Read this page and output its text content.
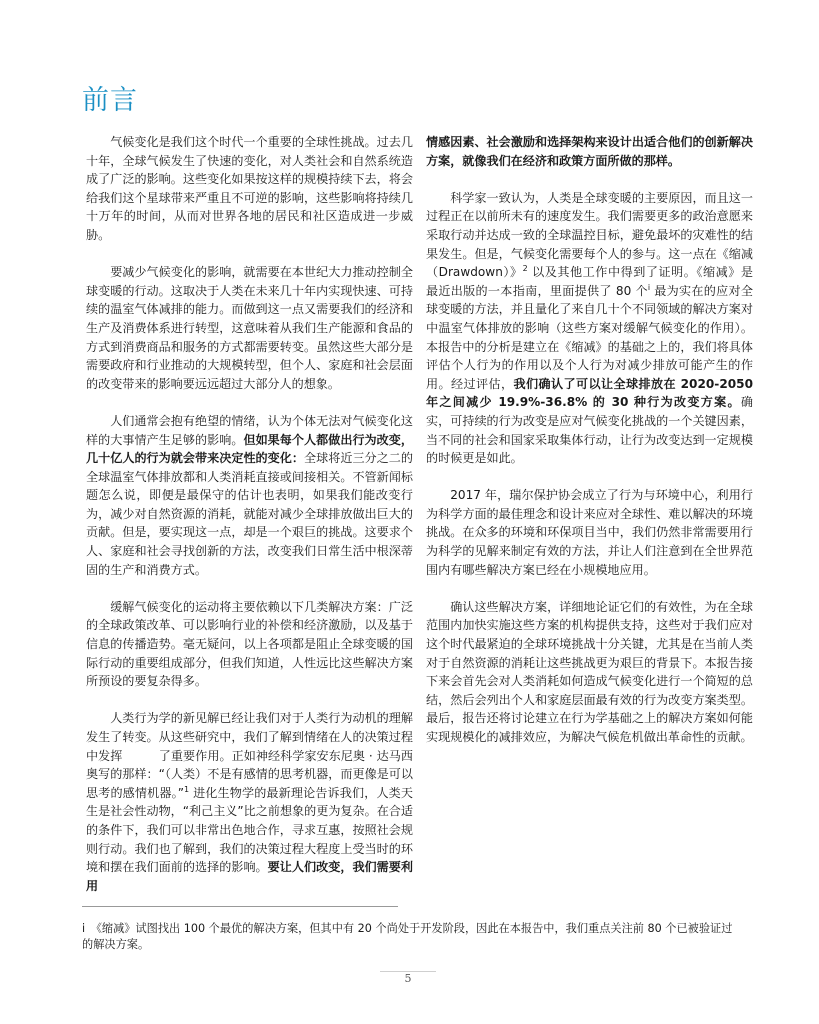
前言

气候变化是我们这个时代一个重要的全球性挑战。过去几十年，全球气候发生了快速的变化，对人类社会和自然系统造成了广泛的影响。这些变化如果按这样的规模持续下去，将会给我们这个星球带来严重且不可逆的影响，这些影响将持续几十万年的时间，从而对世界各地的居民和社区造成进一步威胁。

要减少气候变化的影响，就需要在本世纪大力推动控制全球变暖的行动。这取决于人类在未来几十年内实现快速、可持续的温室气体减排的能力。而做到这一点又需要我们的经济和生产及消费体系进行转型，这意味着从我们生产能源和食品的方式到消费商品和服务的方式都需要转变。虽然这些大部分是需要政府和行业推动的大规模转型，但个人、家庭和社会层面的改变带来的影响要远远超过大部分人的想象。

人们通常会抱有绝望的情绪，认为个体无法对气候变化这样的大事情产生足够的影响。但如果每个人都做出行为改变，几十亿人的行为就会带来决定性的变化：全球将近三分之二的全球温室气体排放都和人类消耗直接或间接相关。不管新闻标题怎么说，即便是最保守的估计也表明，如果我们能改变行为，减少对自然资源的消耗，就能对减少全球排放做出巨大的贡献。但是，要实现这一点，却是一个艰巨的挑战。这要求个人、家庭和社会寻找创新的方法，改变我们日常生活中根深蒂固的生产和消费方式。

缓解气候变化的运动将主要依赖以下几类解决方案：广泛的全球政策改革、可以影响行业的补偿和经济激励，以及基于信息的传播造势。毫无疑问，以上各项都是阻止全球变暖的国际行动的重要组成部分，但我们知道，人性远比这些解决方案所预设的要复杂得多。

人类行为学的新见解已经让我们对于人类行为动机的理解发生了转变。从这些研究中，我们了解到情绪在人的决策过程中发挥　　　了重要作用。正如神经科学家安东尼奥 · 达马西奥写的那样：“（人类）不是有感情的思考机器，而更像是可以思考的感情机器。”$^1$ 进化生物学的最新理论告诉我们，人类天生是社会性动物，“利己主义”比之前想象的更为复杂。在合适的条件下，我们可以非常出色地合作，寻求互惠，按照社会规则行动。我们也了解到，我们的决策过程大程度上受当时的环境和摆在我们面前的选择的影响。要让人们改变，我们需要利用

情感因素、社会激励和选择架构来设计出适合他们的创新解决方案，就像我们在经济和政策方面所做的那样。

科学家一致认为，人类是全球变暖的主要原因，而且这一过程正在以前所未有的速度发生。我们需要更多的政治意愿来采取行动并达成一致的全球温控目标，避免最坏的灾难性的结果发生。但是，气候变化需要每个人的参与。这一点在《缩减（Drawdown）》$^2$ 以及其他工作中得到了证明。《缩减》是最近出版的一本指南，里面提供了 80 个$^i$ 最为实在的应对全球变暖的方法，并且量化了来自几十个不同领域的解决方案对中温室气体排放的影响（这些方案对缓解气候变化的作用）。本报告中的分析是建立在《缩减》的基础之上的，我们将具体评估个人行为的作用以及个人行为对减少排放可能产生的作用。经过评估，我们确认了可以让全球排放在 2020-2050 年之间减少 19.9%-36.8% 的 30 种行为改变方案。确实，可持续的行为改变是应对气候变化挑战的一个关键因素，当不同的社会和国家采取集体行动，让行为改变达到一定规模的时候更是如此。

2017 年，瑞尔保护协会成立了行为与环境中心，利用行为科学方面的最佳理念和设计来应对全球性、难以解决的环境挑战。在众多的环境和环保项目当中，我们仍然非常需要用行为科学的见解来制定有效的方法，并让人们注意到在全世界范围内有哪些解决方案已经在小规模地应用。

确认这些解决方案，详细地论证它们的有效性，为在全球范围内加快实施这些方案的机构提供支持，这些对于我们应对这个时代最紧迫的全球环境挑战十分关键，尤其是在当前人类对于自然资源的消耗让这些挑战更为艰巨的背景下。本报告接下来会首先会对人类消耗如何造成气候变化进行一个简短的总结，然后会列出个人和家庭层面最有效的行为改变方案类型。最后，报告还将讨论建立在行为学基础之上的解决方案如何能实现规模化的减排效应，为解决气候危机做出革命性的贡献。

i　《缩减》试图找出 100 个最优的解决方案，但其中有 20 个尚处于开发阶段，因此在本报告中，我们重点关注前 80 个已被验证过的解决方案。
5
